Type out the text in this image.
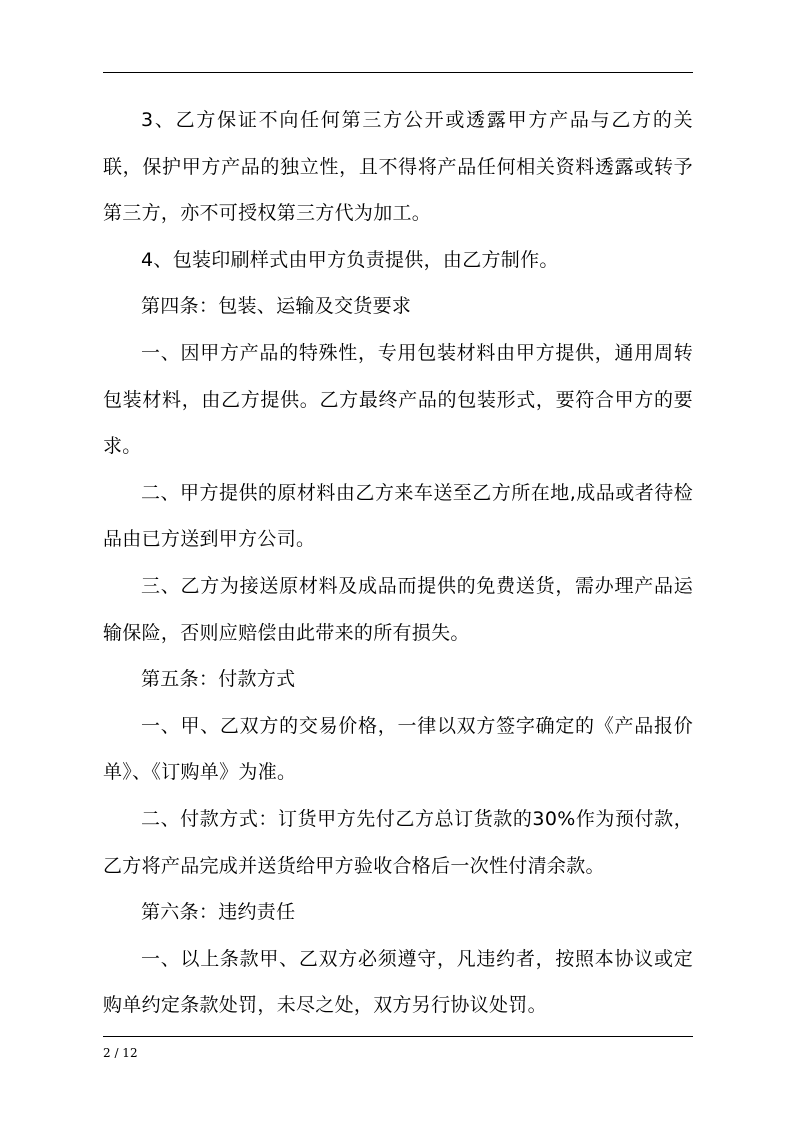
3、乙方保证不向任何第三方公开或透露甲方产品与乙方的关联，保护甲方产品的独立性，且不得将产品任何相关资料透露或转予第三方，亦不可授权第三方代为加工。

4、包装印刷样式由甲方负责提供，由乙方制作。

第四条：包装、运输及交货要求

一、因甲方产品的特殊性，专用包装材料由甲方提供，通用周转包装材料，由乙方提供。乙方最终产品的包装形式，要符合甲方的要求。

二、甲方提供的原材料由乙方来车送至乙方所在地,成品或者待检品由已方送到甲方公司。

三、乙方为接送原材料及成品而提供的免费送货，需办理产品运输保险，否则应赔偿由此带来的所有损失。

第五条：付款方式

一、甲、乙双方的交易价格，一律以双方签字确定的《产品报价单》、《订购单》为准。

二、付款方式：订货甲方先付乙方总订货款的30%作为预付款，乙方将产品完成并送货给甲方验收合格后一次性付清余款。

第六条：违约责任

一、以上条款甲、乙双方必须遵守，凡违约者，按照本协议或定购单约定条款处罚，未尽之处，双方另行协议处罚。

2 / 12
